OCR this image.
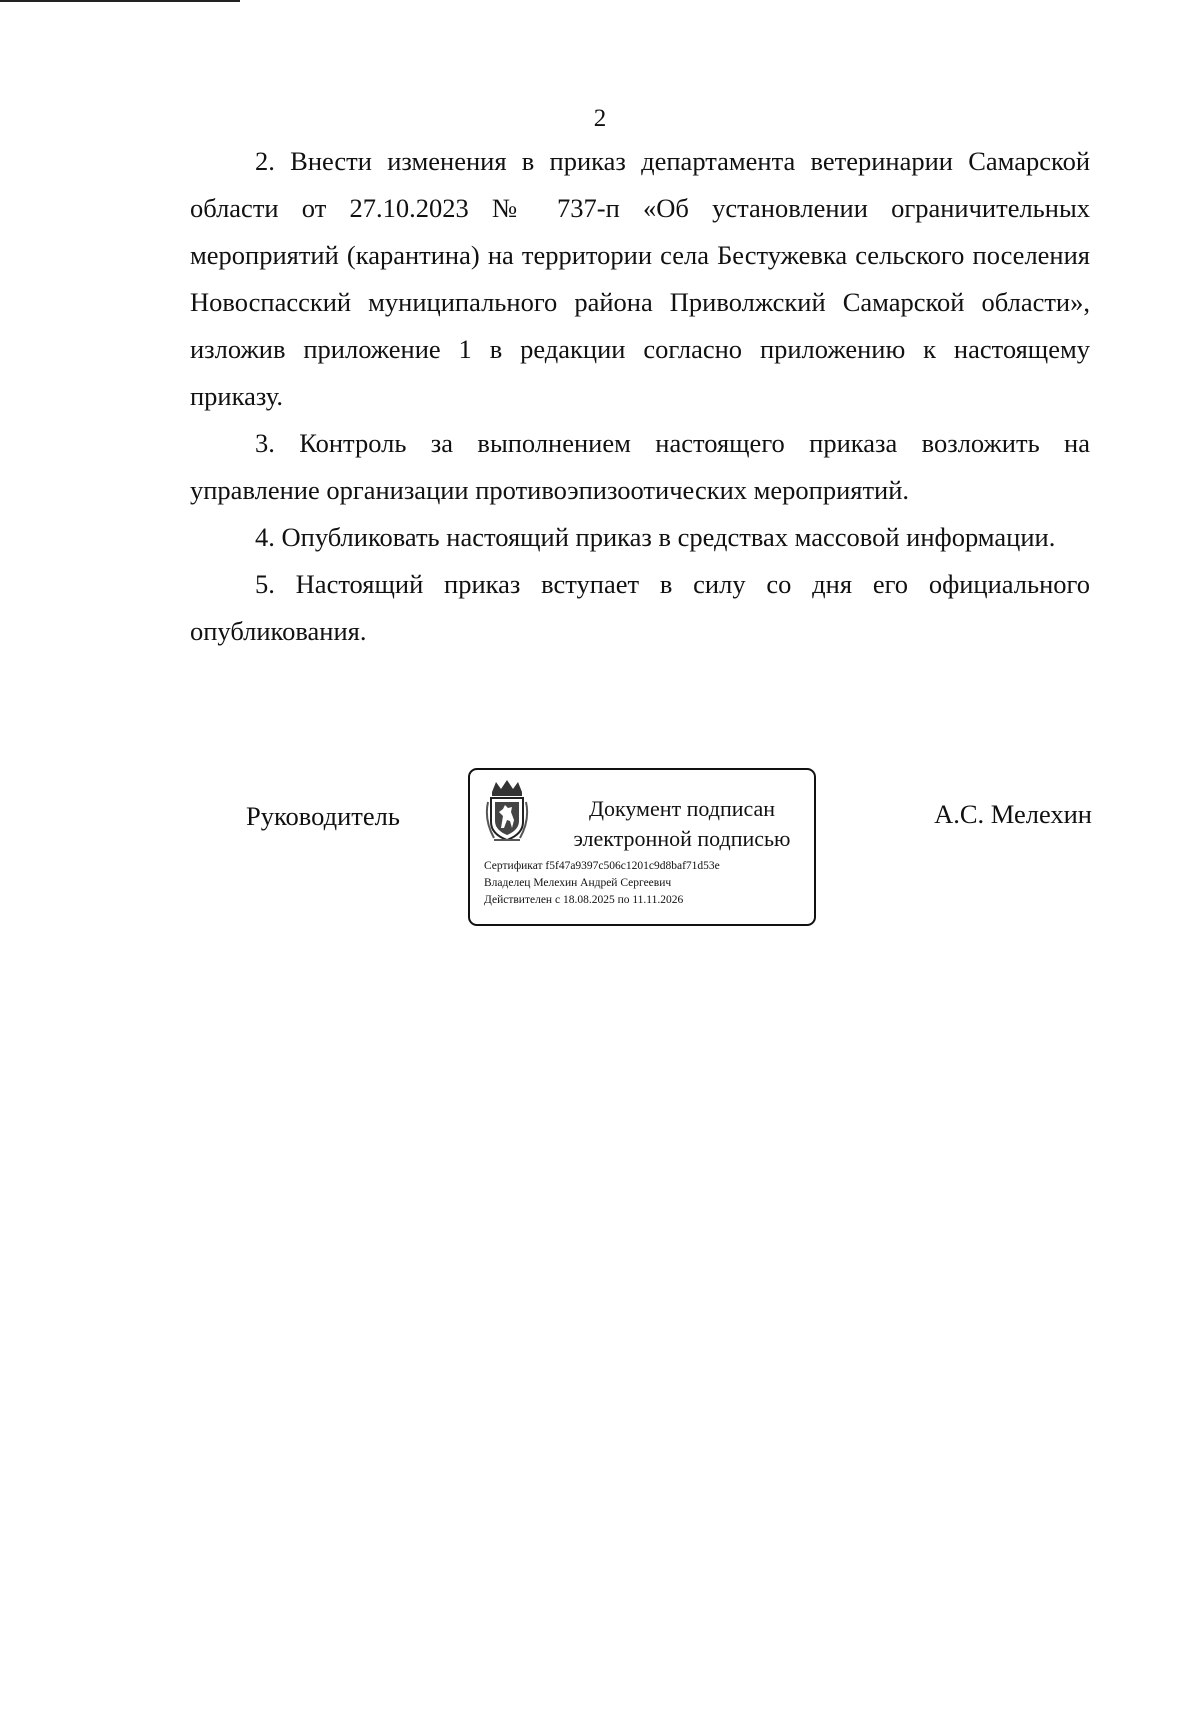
2

2. Внести изменения в приказ департамента ветеринарии Самарской области от 27.10.2023 № 737-п «Об установлении ограничительных мероприятий (карантина) на территории села Бестужевка сельского поселения Новоспасский муниципального района Приволжский Самарской области», изложив приложение 1 в редакции согласно приложению к настоящему приказу.

3. Контроль за выполнением настоящего приказа возложить на управление организации противоэпизоотических мероприятий.

4. Опубликовать настоящий приказ в средствах массовой информации.

5. Настоящий приказ вступает в силу со дня его официального опубликования.

Руководитель	Документ подписан
электронной подписью
Сертификат f5f47a9397c506c1201c9d8baf71d53e
Владелец Мелехин Андрей Сергеевич
Действителен с 18.08.2025 по 11.11.2026
А.С. Мелехин
